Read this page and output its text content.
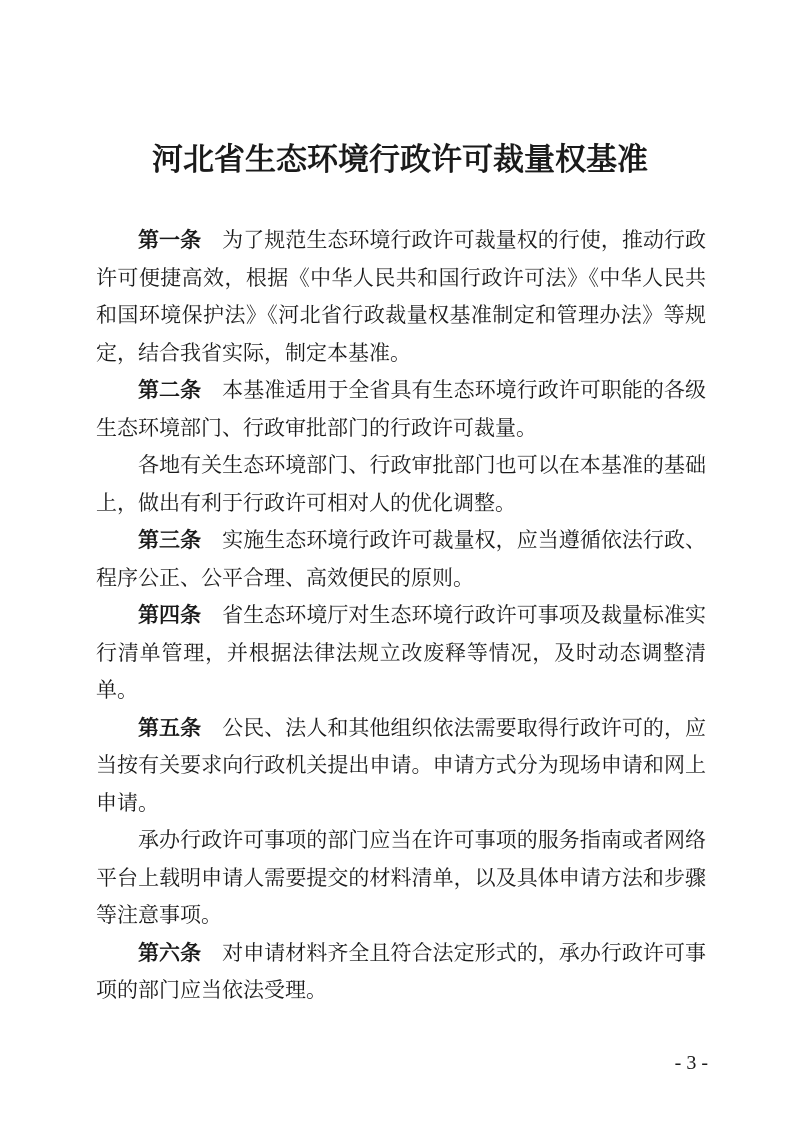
河北省生态环境行政许可裁量权基准

第一条 为了规范生态环境行政许可裁量权的行使，推动行政许可便捷高效，根据《中华人民共和国行政许可法》《中华人民共和国环境保护法》《河北省行政裁量权基准制定和管理办法》等规定，结合我省实际，制定本基准。

第二条 本基准适用于全省具有生态环境行政许可职能的各级生态环境部门、行政审批部门的行政许可裁量。

各地有关生态环境部门、行政审批部门也可以在本基准的基础上，做出有利于行政许可相对人的优化调整。

第三条 实施生态环境行政许可裁量权，应当遵循依法行政、程序公正、公平合理、高效便民的原则。

第四条 省生态环境厅对生态环境行政许可事项及裁量标准实行清单管理，并根据法律法规立改废释等情况，及时动态调整清单。

第五条 公民、法人和其他组织依法需要取得行政许可的，应当按有关要求向行政机关提出申请。申请方式分为现场申请和网上申请。

承办行政许可事项的部门应当在许可事项的服务指南或者网络平台上载明申请人需要提交的材料清单，以及具体申请方法和步骤等注意事项。

第六条 对申请材料齐全且符合法定形式的，承办行政许可事项的部门应当依法受理。

- 3 -
